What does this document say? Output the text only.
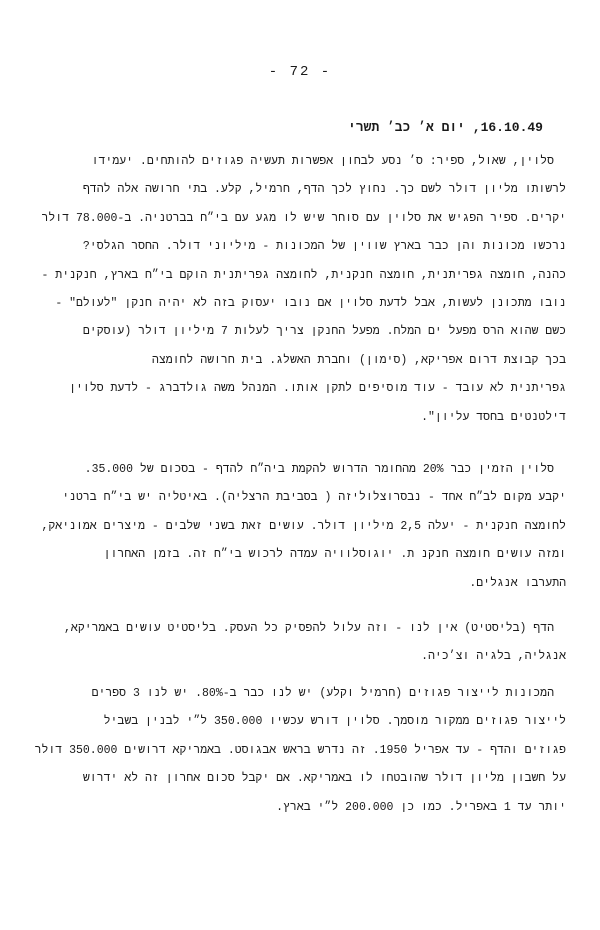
- 72 -
16.10.49, יום א׳ כב׳ תשרי
סלוין, שאול, ספיר: ס׳ נסע לבחון אפשרות תעשיה פגוזים להותחים. יעמידו
לרשותו מליון דולר לשם כך. נחוץ לכך הדף, חרמיל, קלע. בתי חרושה אלה להדף
יקרים. ספיר הפגיש את סלוין עם סוחר שיש לו מגע עם בי״ח בברטניה. ב-78.000 דולר
נרכשו מכונות והן כבר בארץ שווין של המכונות - מיליוני דולר. החסר הגלסי?
כהנה, חומצה גפריתנית, חומצה חנקנית, לחומצה גפריתנית הוקם בי״ח בארץ, חנקנית -
נובו מתכונן לעשות, אבל לדעת סלוין אם נובו יעסוק בזה לא יהיה חנקן "לעולם" -
כשם שהוא הרס מפעל ים המלח. מפעל החנקן צריך לעלות 7 מיליון דולר (עוסקים
בכך קבוצת דרום אפריקא, (סימון) וחברת האשלג. בית חרושה לחומצה
גפריתנית לא עובד - עוד מוסיפים לתקן אותו. המנהל משה גולדברג - לדעת סלוין
דילטנטים בחסד עליון".
סלוין הזמין כבר 20% מהחומר הדרוש להקמת ביה״ח להדף - בסכום של 35.000.
יקבע מקום לב״ח אחד - נבסרוצלוליזה ( בסביבת הרצליה). באיטליה יש בי״ח ברטני
לחומצה חנקנית - יעלה 2,5 מיליון דולר. עושים זאת בשני שלבים - מיצרים אמוניאק,
ומזה עושים חומצה חנקנ ת. יוגוסלוויה עמדה לרכוש בי״ח זה. בזמן האחרון
התערבו אנגלים.
הדף (בליסטיט) אין לנו - וזה עלול להפסיק כל העסק. בליסטיט עושים באמריקא,
אנגליה, בלגיה וצ׳כיה.
המכונות לייצור פגוזים (חרמיל וקלע) יש לנו כבר ב-80%. יש לנו 3 ספרים
לייצור פגוזים ממקור מוסמך. סלוין דורש עכשיו 350.000 ל״י לבנין בשביל
פגוזים והדף - עד אפריל 1950. זה נדרש בראש אבגוסט. באמריקא דרושים 350.000 דולר
על חשבון מליון דולר שהובטחו לו באמריקא. אם יקבל סכום אחרון זה לא ידרוש
יותר עד 1 באפריל. כמו כן 200.000 ל״י בארץ.
